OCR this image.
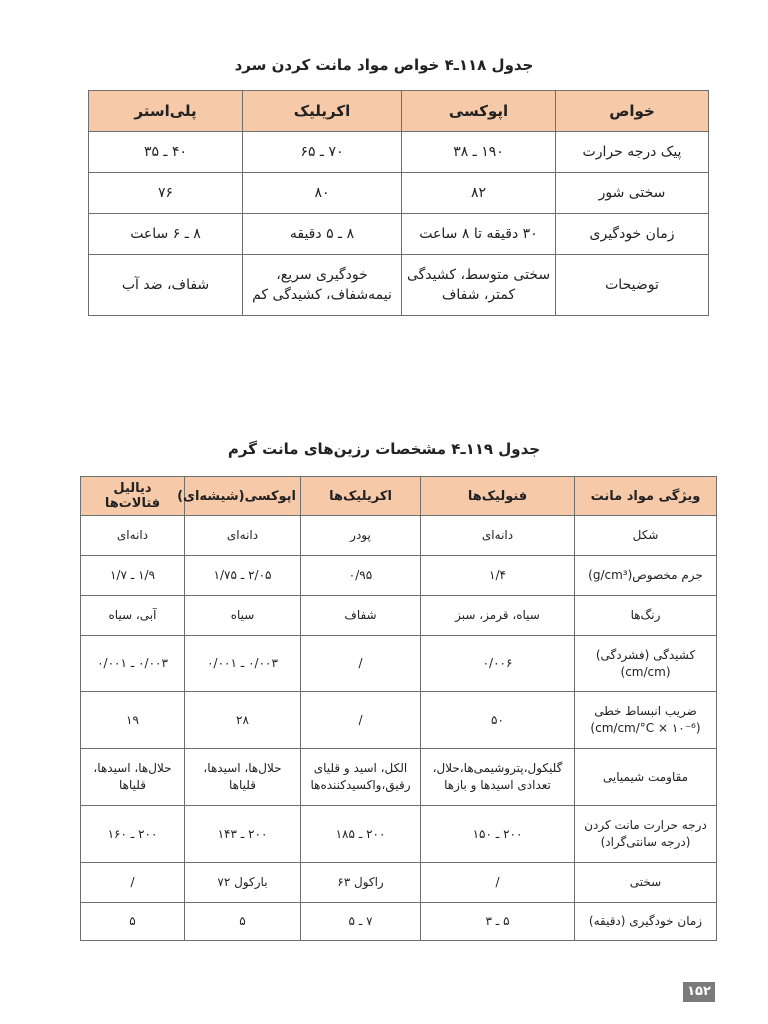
جدول ۱۱۸ـ۴ خواص مواد مانت کردن سرد
خواص	اپوکسی	اکریلیک	پلی‌استر
پیک درجه حرارت	۱۹۰ ـ ۳۸	۷۰ ـ ۶۵	۴۰ ـ ۳۵
سختی شور	۸۲	۸۰	۷۶
زمان خودگیری	۳۰ دقیقه تا ۸ ساعت	۸ ـ ۵ دقیقه	۸ ـ ۶ ساعت
توضیحات	سختی متوسط، کشیدگی کمتر، شفاف	خودگیری سریع، نیمه‌شفاف، کشیدگی کم	شفاف، ضد آب
جدول ۱۱۹ـ۴ مشخصات رزین‌های مانت گرم
ویژگی مواد مانت	فنولیک‌ها	اکریلیک‌ها	اپوکسی(شیشه‌ای)	دیالیل فتالات‌ها
شکل	دانه‌ای	پودر	دانه‌ای	دانه‌ای
جرم مخصوص(g/cm³)	۱/۴	۰/۹۵	۲/۰۵ ـ ۱/۷۵	۱/۹ ـ ۱/۷
رنگ‌ها	سیاه، قرمز، سبز	شفاف	سیاه	آبی، سیاه
کشیدگی (فشردگی) (cm/cm)	۰/۰۰۶	/	۰/۰۰۳ ـ ۰/۰۰۱	۰/۰۰۳ ـ ۰/۰۰۱
ضریب انبساط خطی (cm/cm/°C × ۱۰⁻⁶)	۵۰	/	۲۸	۱۹
مقاومت شیمیایی	گلیکول،پتروشیمی‌ها،حلال، تعدادی اسیدها و بازها	الکل، اسید و قلیای رقیق،واکسیدکننده‌ها	حلال‌ها، اسیدها، قلیاها	حلال‌ها، اسیدها، قلیاها
درجه حرارت مانت کردن (درجه سانتی‌گراد)	۲۰۰ ـ ۱۵۰	۲۰۰ ـ ۱۸۵	۲۰۰ ـ ۱۴۳	۲۰۰ ـ ۱۶۰
سختی	/	راکول ۶۳	بارکول ۷۲	/
زمان خودگیری (دقیقه)	۵ ـ ۳	۷ ـ ۵	۵	۵
۱۵۲
